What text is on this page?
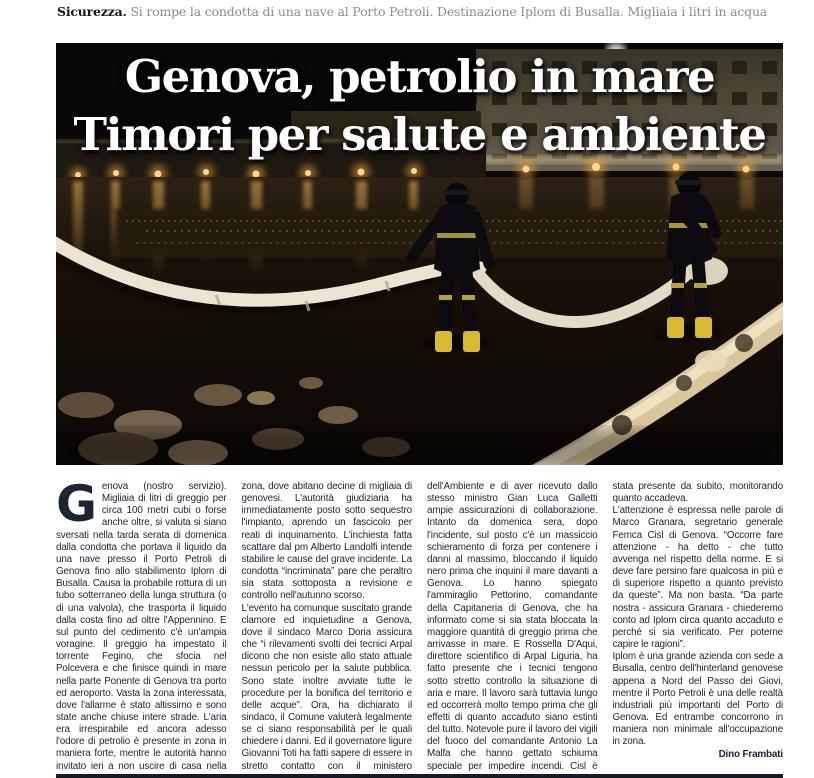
Sicurezza. Si rompe la condotta di una nave al Porto Petroli. Destinazione Iplom di Busalla. Migliaia i litri in acqua
Genova, petrolio in mare
Timori per salute e ambiente

Genova (nostro servizio). Migliaia di litri di greggio per circa 100 metri cubi o forse anche oltre, si valuta si siano sversati nella tarda serata di domenica dalla condotta che portava il liquido da una nave presso il Porto Petroli di Genova fino allo stabilimento Iplom di Busalla. Causa la probabile rottura di un tubo sotterraneo della lunga struttura (o di una valvola), che trasporta il liquido dalla costa fino ad oltre l'Appennino. E sul punto del cedimento c'è un'ampia voragine. Il greggio ha impestato il torrente Fegino, che sfocia nel Polcevera e che finisce quindi in mare nella parte Ponente di Genova tra porto ed aeroporto. Vasta la zona interessata, dove l'allarme è stato altissimo e sono state anche chiuse intere strade. L'aria era irrespirabile ed ancora adesso l'odore di petrolio è presente in zona in maniera forte, mentre le autorità hanno invitato ieri a non uscire di casa nella zona, dove abitano decine di migliaia di genovesi. L'autorità giudiziaria ha immediatamente posto sotto sequestro l'impianto, aprendo un fascicolo per reati di inquinamento. L'inchiesta fatta scattare dal pm Alberto Landolfi intende stabilire le cause del grave incidente. La condotta “incriminata” pare che peraltro sia stata sottoposta a revisione e controllo nell'autunno scorso.

L'evento ha comunque suscitato grande clamore ed inquietudine a Genova, dove il sindaco Marco Doria assicura che “i rilevamenti svolti dei tecnici Arpal dicono che non esiste allo stato attuale nessun pericolo per la salute pubblica. Sono state inoltre avviate tutte le procedure per la bonifica del territorio e delle acque”. Ora, ha dichiarato il sindaco, il Comune valuterà legalmente se ci siano responsabilità per le quali chiedere i danni. Ed il governatore ligure Giovanni Toti ha fatti sapere di essere in stretto contatto con il ministero dell'Ambiente e di aver ricevuto dallo stesso ministro Gian Luca Galletti ampie assicurazioni di collaborazione. Intanto da domenica sera, dopo l'incidente, sul posto c'è un massiccio schieramento di forza per contenere i danni al massimo, bloccando il liquido nero prima che inquini il mare davanti a Genova. Lo hanno spiegato l'ammiraglio Pettorino, comandante della Capitaneria di Genova, che ha informato come si sia stata bloccata la maggiore quantità di greggio prima che arrivasse in mare. E Rossella D'Aqui, direttore scientifico di Arpal Liguria, ha fatto presente che i tecnici tengono sotto stretto controllo la situazione di aria e mare. Il lavoro sarà tuttavia lungo ed occorrerà molto tempo prima che gli effetti di quanto accaduto siano estinti del tutto. Notevole pure il lavoro dei vigili del fuoco del comandante Antonio La Malfa che hanno gettato schiuma speciale per impedire incendi. Cisl è stata presente da subito, monitorando quanto accadeva.

L'attenzione è espressa nelle parole di Marco Granara, segretario generale Femca Cisl di Genova. “Occorre fare attenzione - ha detto - che tutto avvenga nel rispetto della norme. E si deve fare persino fare qualcosa in più e di superiore rispetto a quanto previsto da queste”. Ma non basta. “Da parte nostra - assicura Granara - chiederemo conto ad Iplom circa quanto accaduto e perché si sia verificato. Per poterne capire le ragioni”.

Iplom è una grande azienda con sede a Busalla, centro dell'hinterland genovese appena a Nord del Passo dei Giovi, mentre il Porto Petroli è una delle realtà industriali più importanti del Porto di Genova. Ed entrambe concorrono in maniera non minimale all'occupazione in zona.

Dino Frambati
